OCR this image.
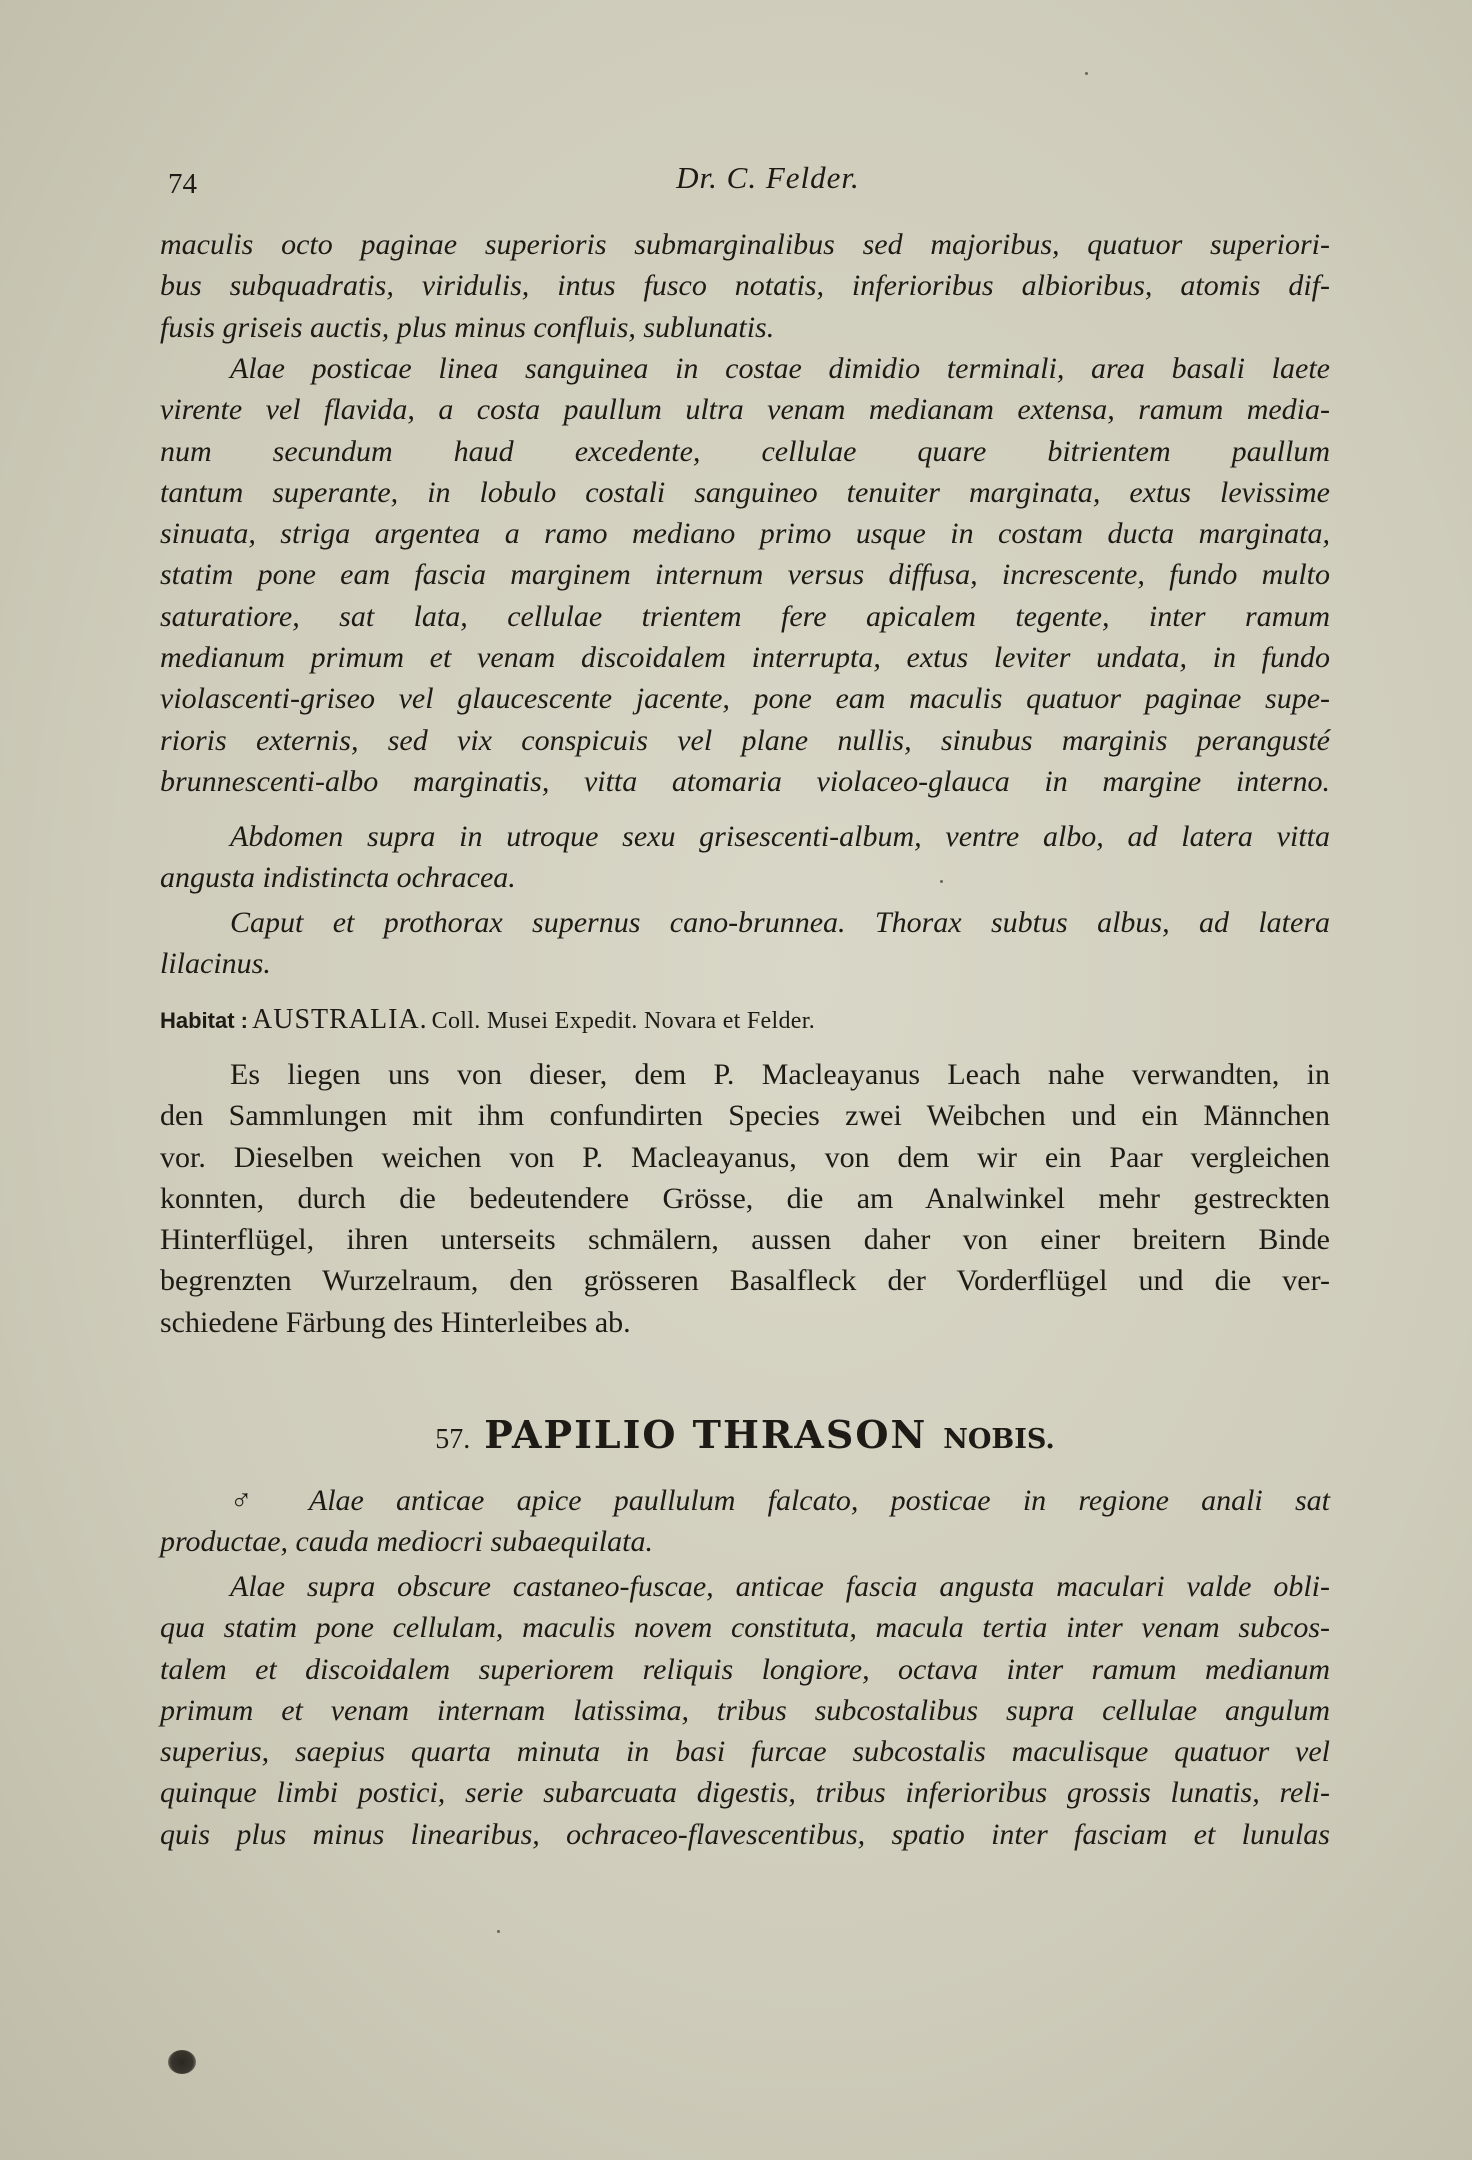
74	Dr. C. Felder.
maculis octo paginae superioris submarginalibus sed majoribus, quatuor superiori-
bus subquadratis, viridulis, intus fusco notatis, inferioribus albioribus, atomis dif-
fusis griseis auctis, plus minus confluis, sublunatis.
Alae posticae linea sanguinea in costae dimidio terminali, area basali laete
virente vel flavida, a costa paullum ultra venam medianam extensa, ramum media-
num secundum haud excedente, cellulae quare bitrientem paullum
tantum superante, in lobulo costali sanguineo tenuiter marginata, extus levissime
sinuata, striga argentea a ramo mediano primo usque in costam ducta marginata,
statim pone eam fascia marginem internum versus diffusa, increscente, fundo multo
saturatiore, sat lata, cellulae trientem fere apicalem tegente, inter ramum
medianum primum et venam discoidalem interrupta, extus leviter undata, in fundo
violascenti-griseo vel glaucescente jacente, pone eam maculis quatuor paginae supe-
rioris externis, sed vix conspicuis vel plane nullis, sinubus marginis perangusté
brunnescenti-albo marginatis, vitta atomaria violaceo-glauca in margine interno.
Abdomen supra in utroque sexu grisescenti-album, ventre albo, ad latera vitta
angusta indistincta ochracea.
Caput et prothorax supernus cano-brunnea. Thorax subtus albus, ad latera
lilacinus.
Habitat : AUSTRALIA. Coll. Musei Expedit. Novara et Felder.
Es liegen uns von dieser, dem P. Macleayanus Leach nahe verwandten, in
den Sammlungen mit ihm confundirten Species zwei Weibchen und ein Männchen
vor. Dieselben weichen von P. Macleayanus, von dem wir ein Paar vergleichen
konnten, durch die bedeutendere Grösse, die am Analwinkel mehr gestreckten
Hinterflügel, ihren unterseits schmälern, aussen daher von einer breitern Binde
begrenzten Wurzelraum, den grösseren Basalfleck der Vorderflügel und die ver-
schiedene Färbung des Hinterleibes ab.
57. PAPILIO THRASON NOBIS.
♂ Alae anticae apice paullulum falcato, posticae in regione anali sat
productae, cauda mediocri subaequilata.
Alae supra obscure castaneo-fuscae, anticae fascia angusta maculari valde obli-
qua statim pone cellulam, maculis novem constituta, macula tertia inter venam subcos-
talem et discoidalem superiorem reliquis longiore, octava inter ramum medianum
primum et venam internam latissima, tribus subcostalibus supra cellulae angulum
superius, saepius quarta minuta in basi furcae subcostalis maculisque quatuor vel
quinque limbi postici, serie subarcuata digestis, tribus inferioribus grossis lunatis, reli-
quis plus minus linearibus, ochraceo-flavescentibus, spatio inter fasciam et lunulas
